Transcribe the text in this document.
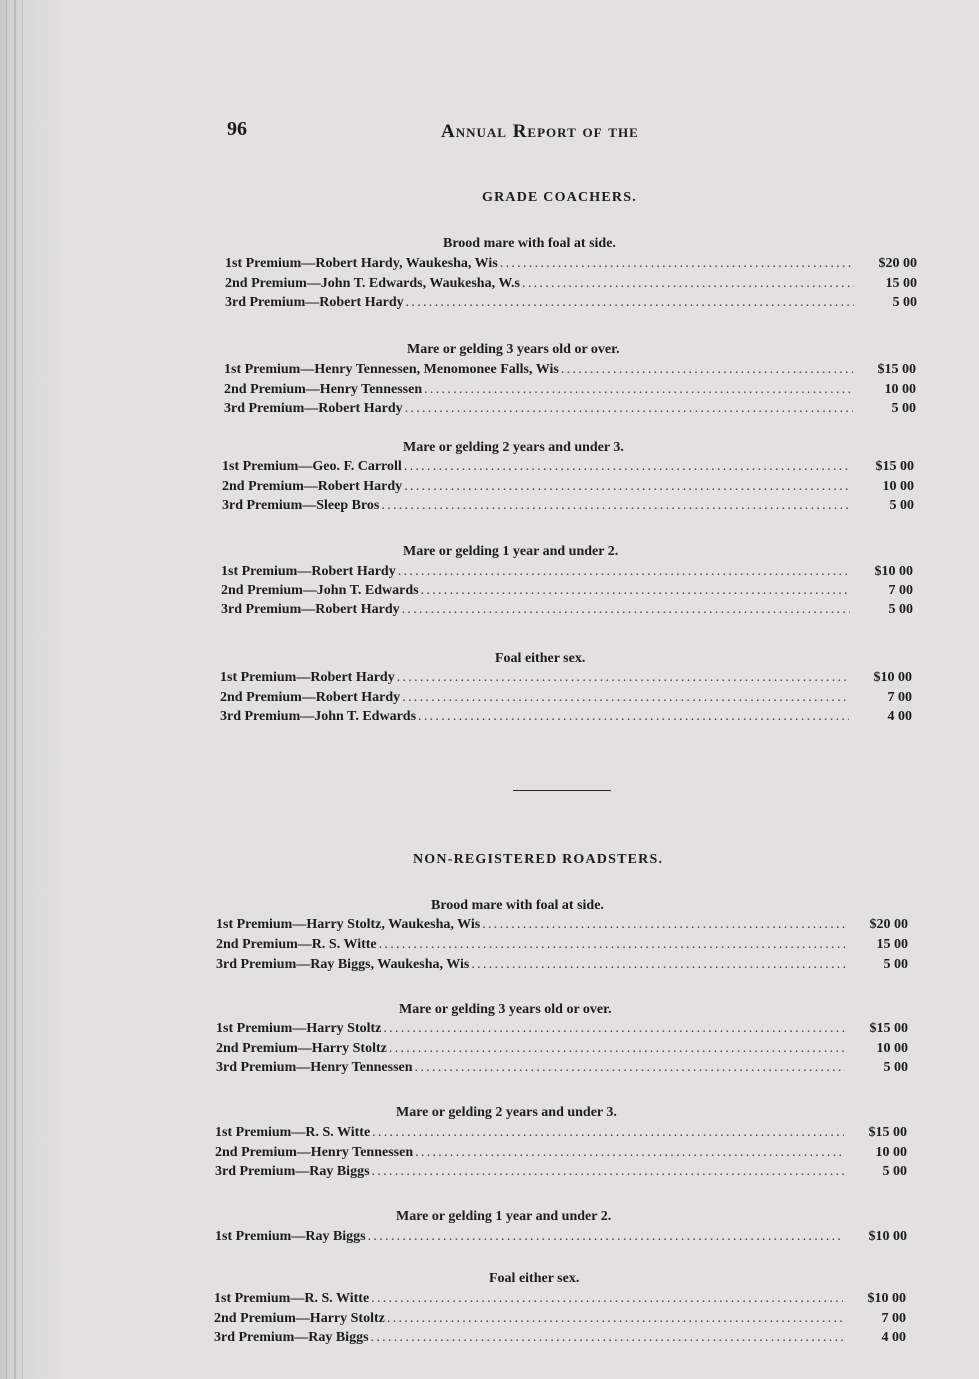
96	Annual Report of the
GRADE COACHERS.
Brood mare with foal at side.
1st Premium—Robert Hardy, Waukesha, Wis . . .	$20 00
2nd Premium—John T. Edwards, Waukesha, W.s . . .	15 00
3rd Premium—Robert Hardy . . .	5 00
Mare or gelding 3 years old or over.
1st Premium—Henry Tennessen, Menomonee Falls, Wis . . .	$15 00
2nd Premium—Henry Tennessen . . .	10 00
3rd Premium—Robert Hardy . . .	5 00
Mare or gelding 2 years and under 3.
1st Premium—Geo. F. Carroll . . .	$15 00
2nd Premium—Robert Hardy . . .	10 00
3rd Premium—Sleep Bros . . .	5 00
Mare or gelding 1 year and under 2.
1st Premium—Robert Hardy . . .	$10 00
2nd Premium—John T. Edwards . . .	7 00
3rd Premium—Robert Hardy . . .	5 00
Foal either sex.
1st Premium—Robert Hardy . . .	$10 00
2nd Premium—Robert Hardy . . .	7 00
3rd Premium—John T. Edwards . . .	4 00
NON-REGISTERED ROADSTERS.
Brood mare with foal at side.
1st Premium—Harry Stoltz, Waukesha, Wis . . .	$20 00
2nd Premium—R. S. Witte . . .	15 00
3rd Premium—Ray Biggs, Waukesha, Wis . . .	5 00
Mare or gelding 3 years old or over.
1st Premium—Harry Stoltz . . .	$15 00
2nd Premium—Harry Stoltz . . .	10 00
3rd Premium—Henry Tennessen . . .	5 00
Mare or gelding 2 years and under 3.
1st Premium—R. S. Witte . . .	$15 00
2nd Premium—Henry Tennessen . . .	10 00
3rd Premium—Ray Biggs . . .	5 00
Mare or gelding 1 year and under 2.
1st Premium—Ray Biggs . . .	$10 00
Foal either sex.
1st Premium—R. S. Witte . . .	$10 00
2nd Premium—Harry Stoltz . . .	7 00
3rd Premium—Ray Biggs . . .	4 00
